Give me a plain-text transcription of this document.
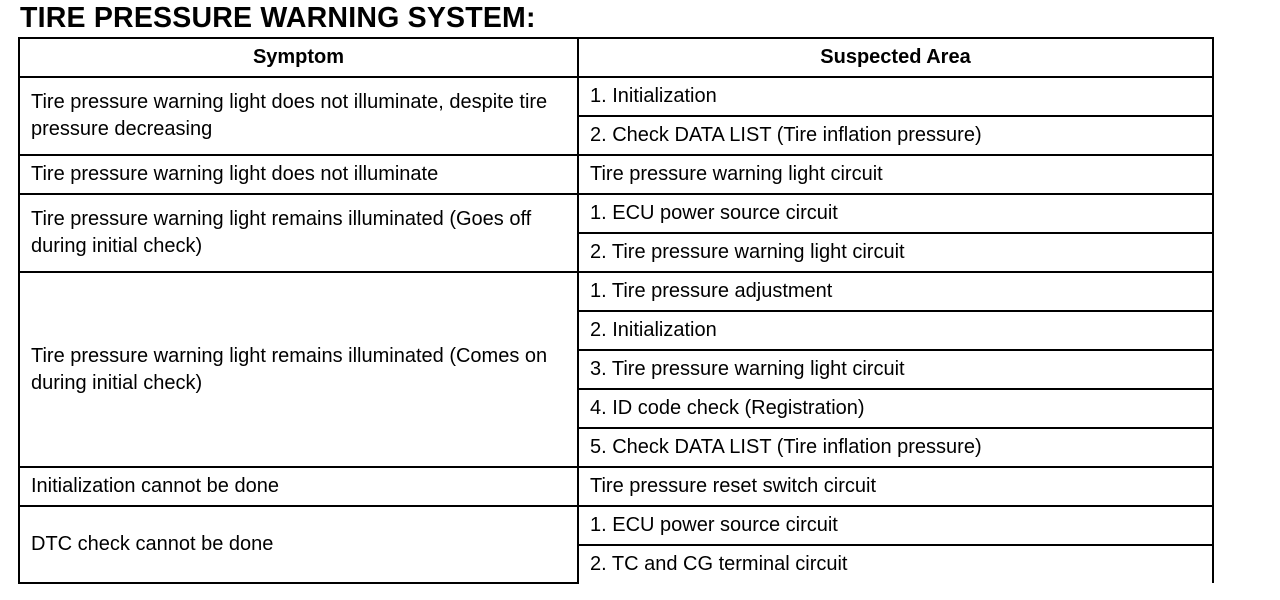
TIRE PRESSURE WARNING SYSTEM:
Symptom	Suspected Area
Tire pressure warning light does not illuminate, despite tire pressure decreasing	1. Initialization
	2. Check DATA LIST (Tire inflation pressure)
Tire pressure warning light does not illuminate	Tire pressure warning light circuit
Tire pressure warning light remains illuminated (Goes off during initial check)	1. ECU power source circuit
	2. Tire pressure warning light circuit
Tire pressure warning light remains illuminated (Comes on during initial check)	1. Tire pressure adjustment
	2. Initialization
	3. Tire pressure warning light circuit
	4. ID code check (Registration)
	5. Check DATA LIST (Tire inflation pressure)
Initialization cannot be done	Tire pressure reset switch circuit
DTC check cannot be done	1. ECU power source circuit
	2. TC and CG terminal circuit
